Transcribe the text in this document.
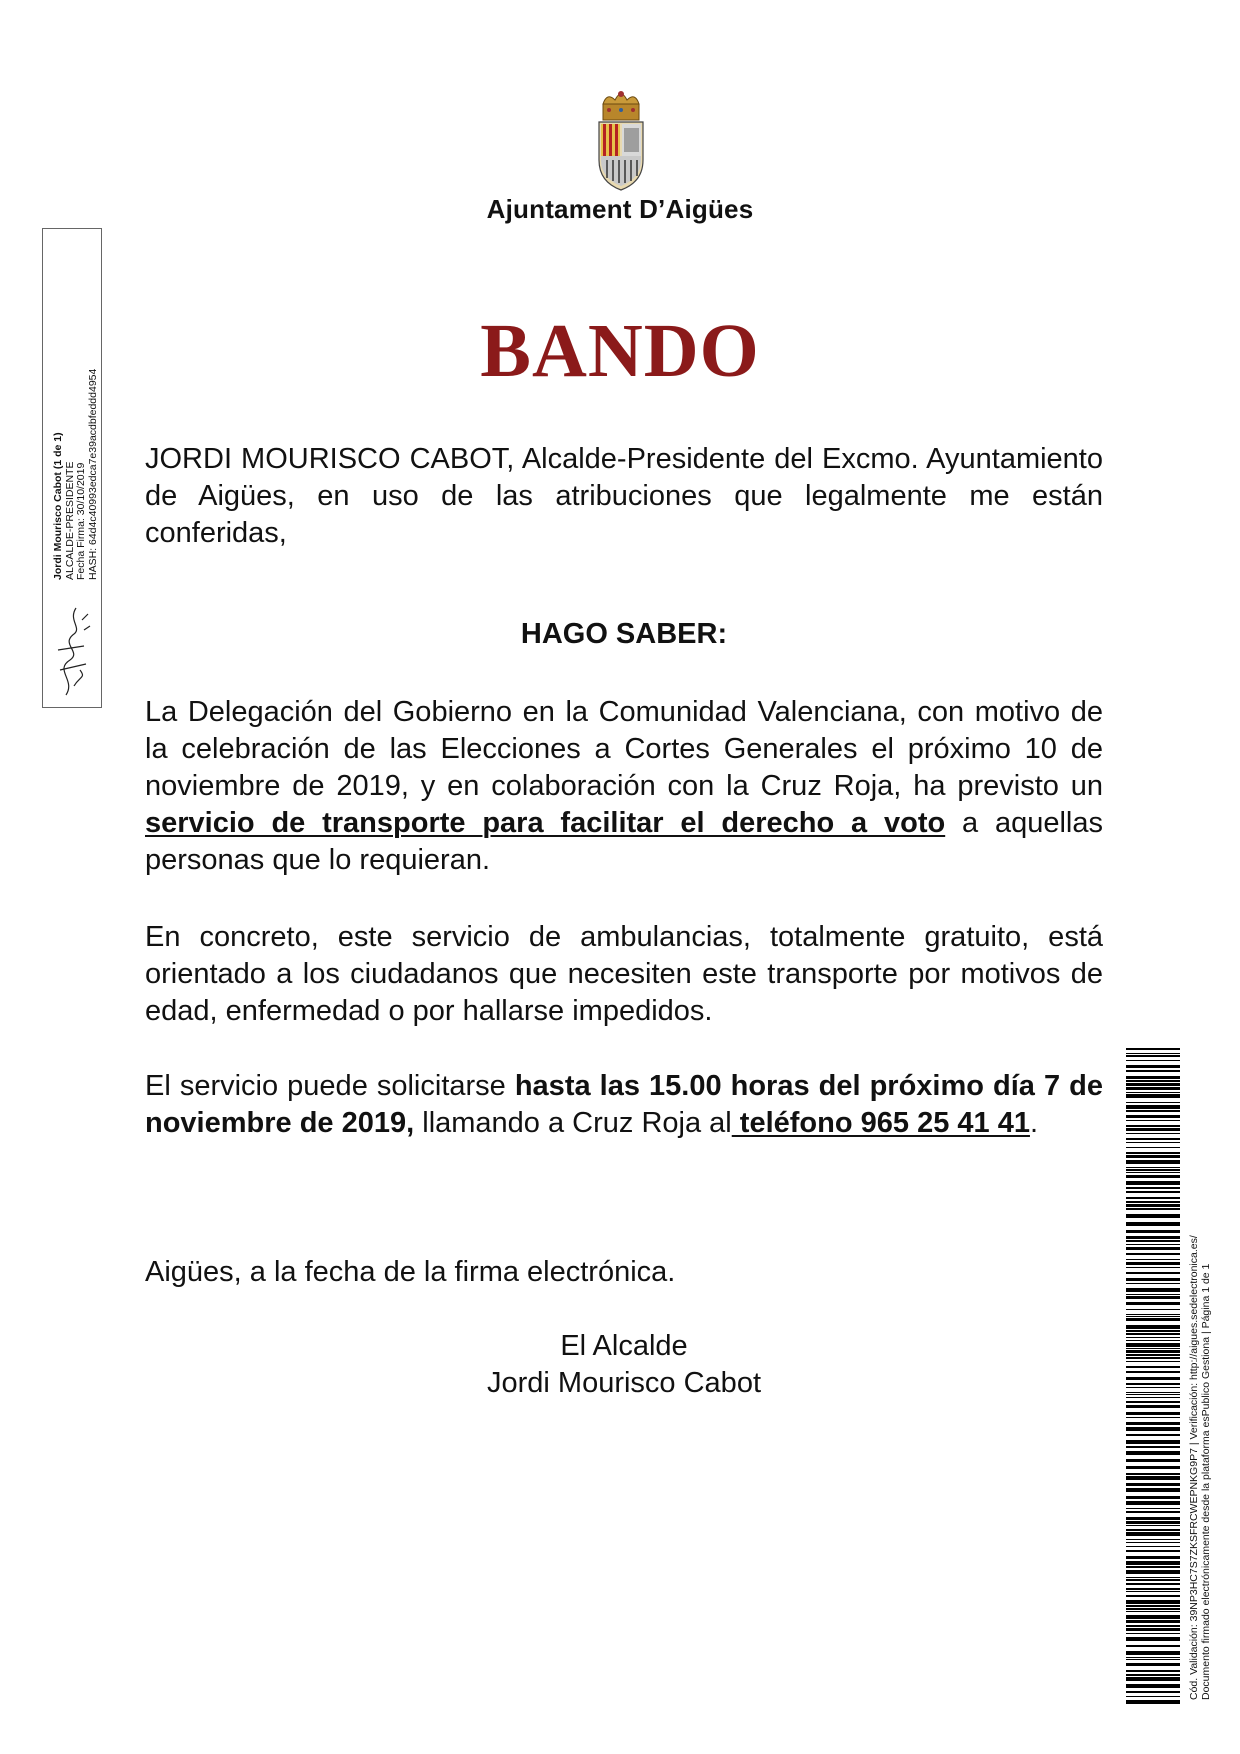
Ajuntament D’Aigües
BANDO

JORDI MOURISCO CABOT, Alcalde-Presidente del Excmo. Ayuntamiento de Aigües, en uso de las atribuciones que legalmente me están conferidas,

HAGO SABER:

La Delegación del Gobierno en la Comunidad Valenciana, con motivo de la celebración de las Elecciones a Cortes Generales el próximo 10 de noviembre de 2019, y en colaboración con la Cruz Roja, ha previsto un servicio de transporte para facilitar el derecho a voto a aquellas personas que lo requieran.

En concreto, este servicio de ambulancias, totalmente gratuito, está orientado a los ciudadanos que necesiten este transporte por motivos de edad, enfermedad o por hallarse impedidos.

El servicio puede solicitarse hasta las 15.00 horas del próximo día 7 de noviembre de 2019, llamando a Cruz Roja al teléfono 965 25 41 41.

Aigües, a la fecha de la firma electrónica.
El Alcalde
Jordi Mourisco Cabot
Jordi Mourisco Cabot (1 de 1) ALCALDE-PRESIDENTE Fecha Firma: 30/10/2019 HASH: 64d4c40993edca7e39acdbfeddd4954
Cód. Validación: 39NP3HC7S7ZKSFRCWEPNKG9P7 | Verificación: http://aigues.sedelectronica.es/ Documento firmado electrónicamente desde la plataforma esPublico Gestiona | Página 1 de 1
